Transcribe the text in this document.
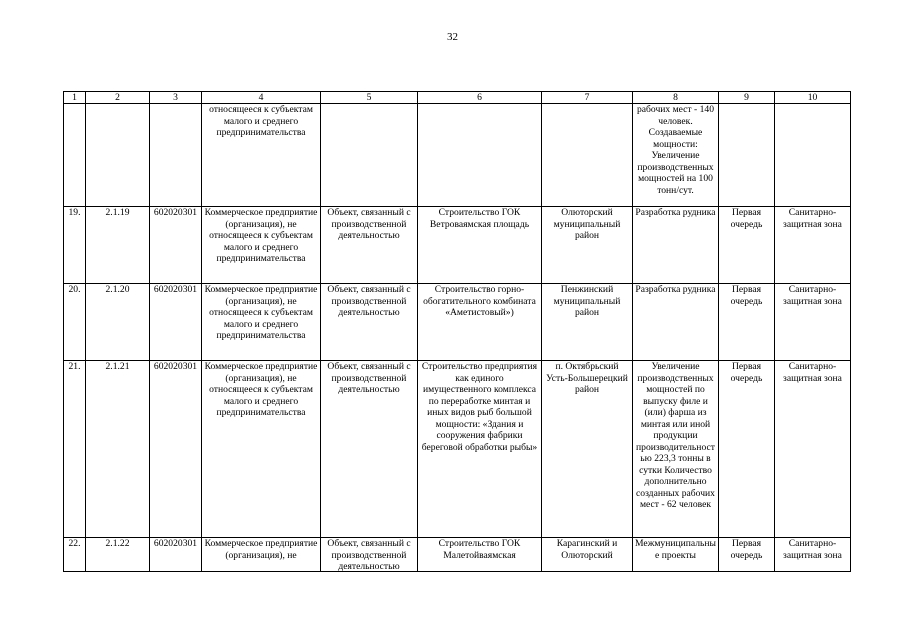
32
1	2	3	4	5	6	7	8	9	10
			относящееся к субъектам малого и среднего предпринимательства				рабочих мест - 140 человек. Создаваемые мощности: Увеличение производственных мощностей на 100 тонн/сут.		
19.	2.1.19	602020301	Коммерческое предприятие (организация), не относящееся к субъектам малого и среднего предпринимательства	Объект, связанный с производственной деятельностью	Строительство ГОК Ветроваямская площадь	Олюторский муниципальный район	Разработка рудника	Первая очередь	Санитарно-защитная зона
20.	2.1.20	602020301	Коммерческое предприятие (организация), не относящееся к субъектам малого и среднего предпринимательства	Объект, связанный с производственной деятельностью	Строительство горно-обогатительного комбината «Аметистовый»)	Пенжинский муниципальный район	Разработка рудника	Первая очередь	Санитарно-защитная зона
21.	2.1.21	602020301	Коммерческое предприятие (организация), не относящееся к субъектам малого и среднего предпринимательства	Объект, связанный с производственной деятельностью	Строительство предприятия как единого имущественного комплекса по переработке минтая и иных видов рыб большой мощности: «Здания и сооружения фабрики береговой обработки рыбы»	п. Октябрьский Усть-Большерецкий район	Увеличение производственных мощностей по выпуску филе и (или) фарша из минтая или иной продукции производительностью 223,3 тонны в сутки Количество дополнительно созданных рабочих мест - 62 человек	Первая очередь	Санитарно-защитная зона
22.	2.1.22	602020301	Коммерческое предприятие (организация), не	Объект, связанный с производственной деятельностью	Строительство ГОК Малетойваямская	Карагинский и Олюторский	Межмуниципальные проекты	Первая очередь	Санитарно-защитная зона
